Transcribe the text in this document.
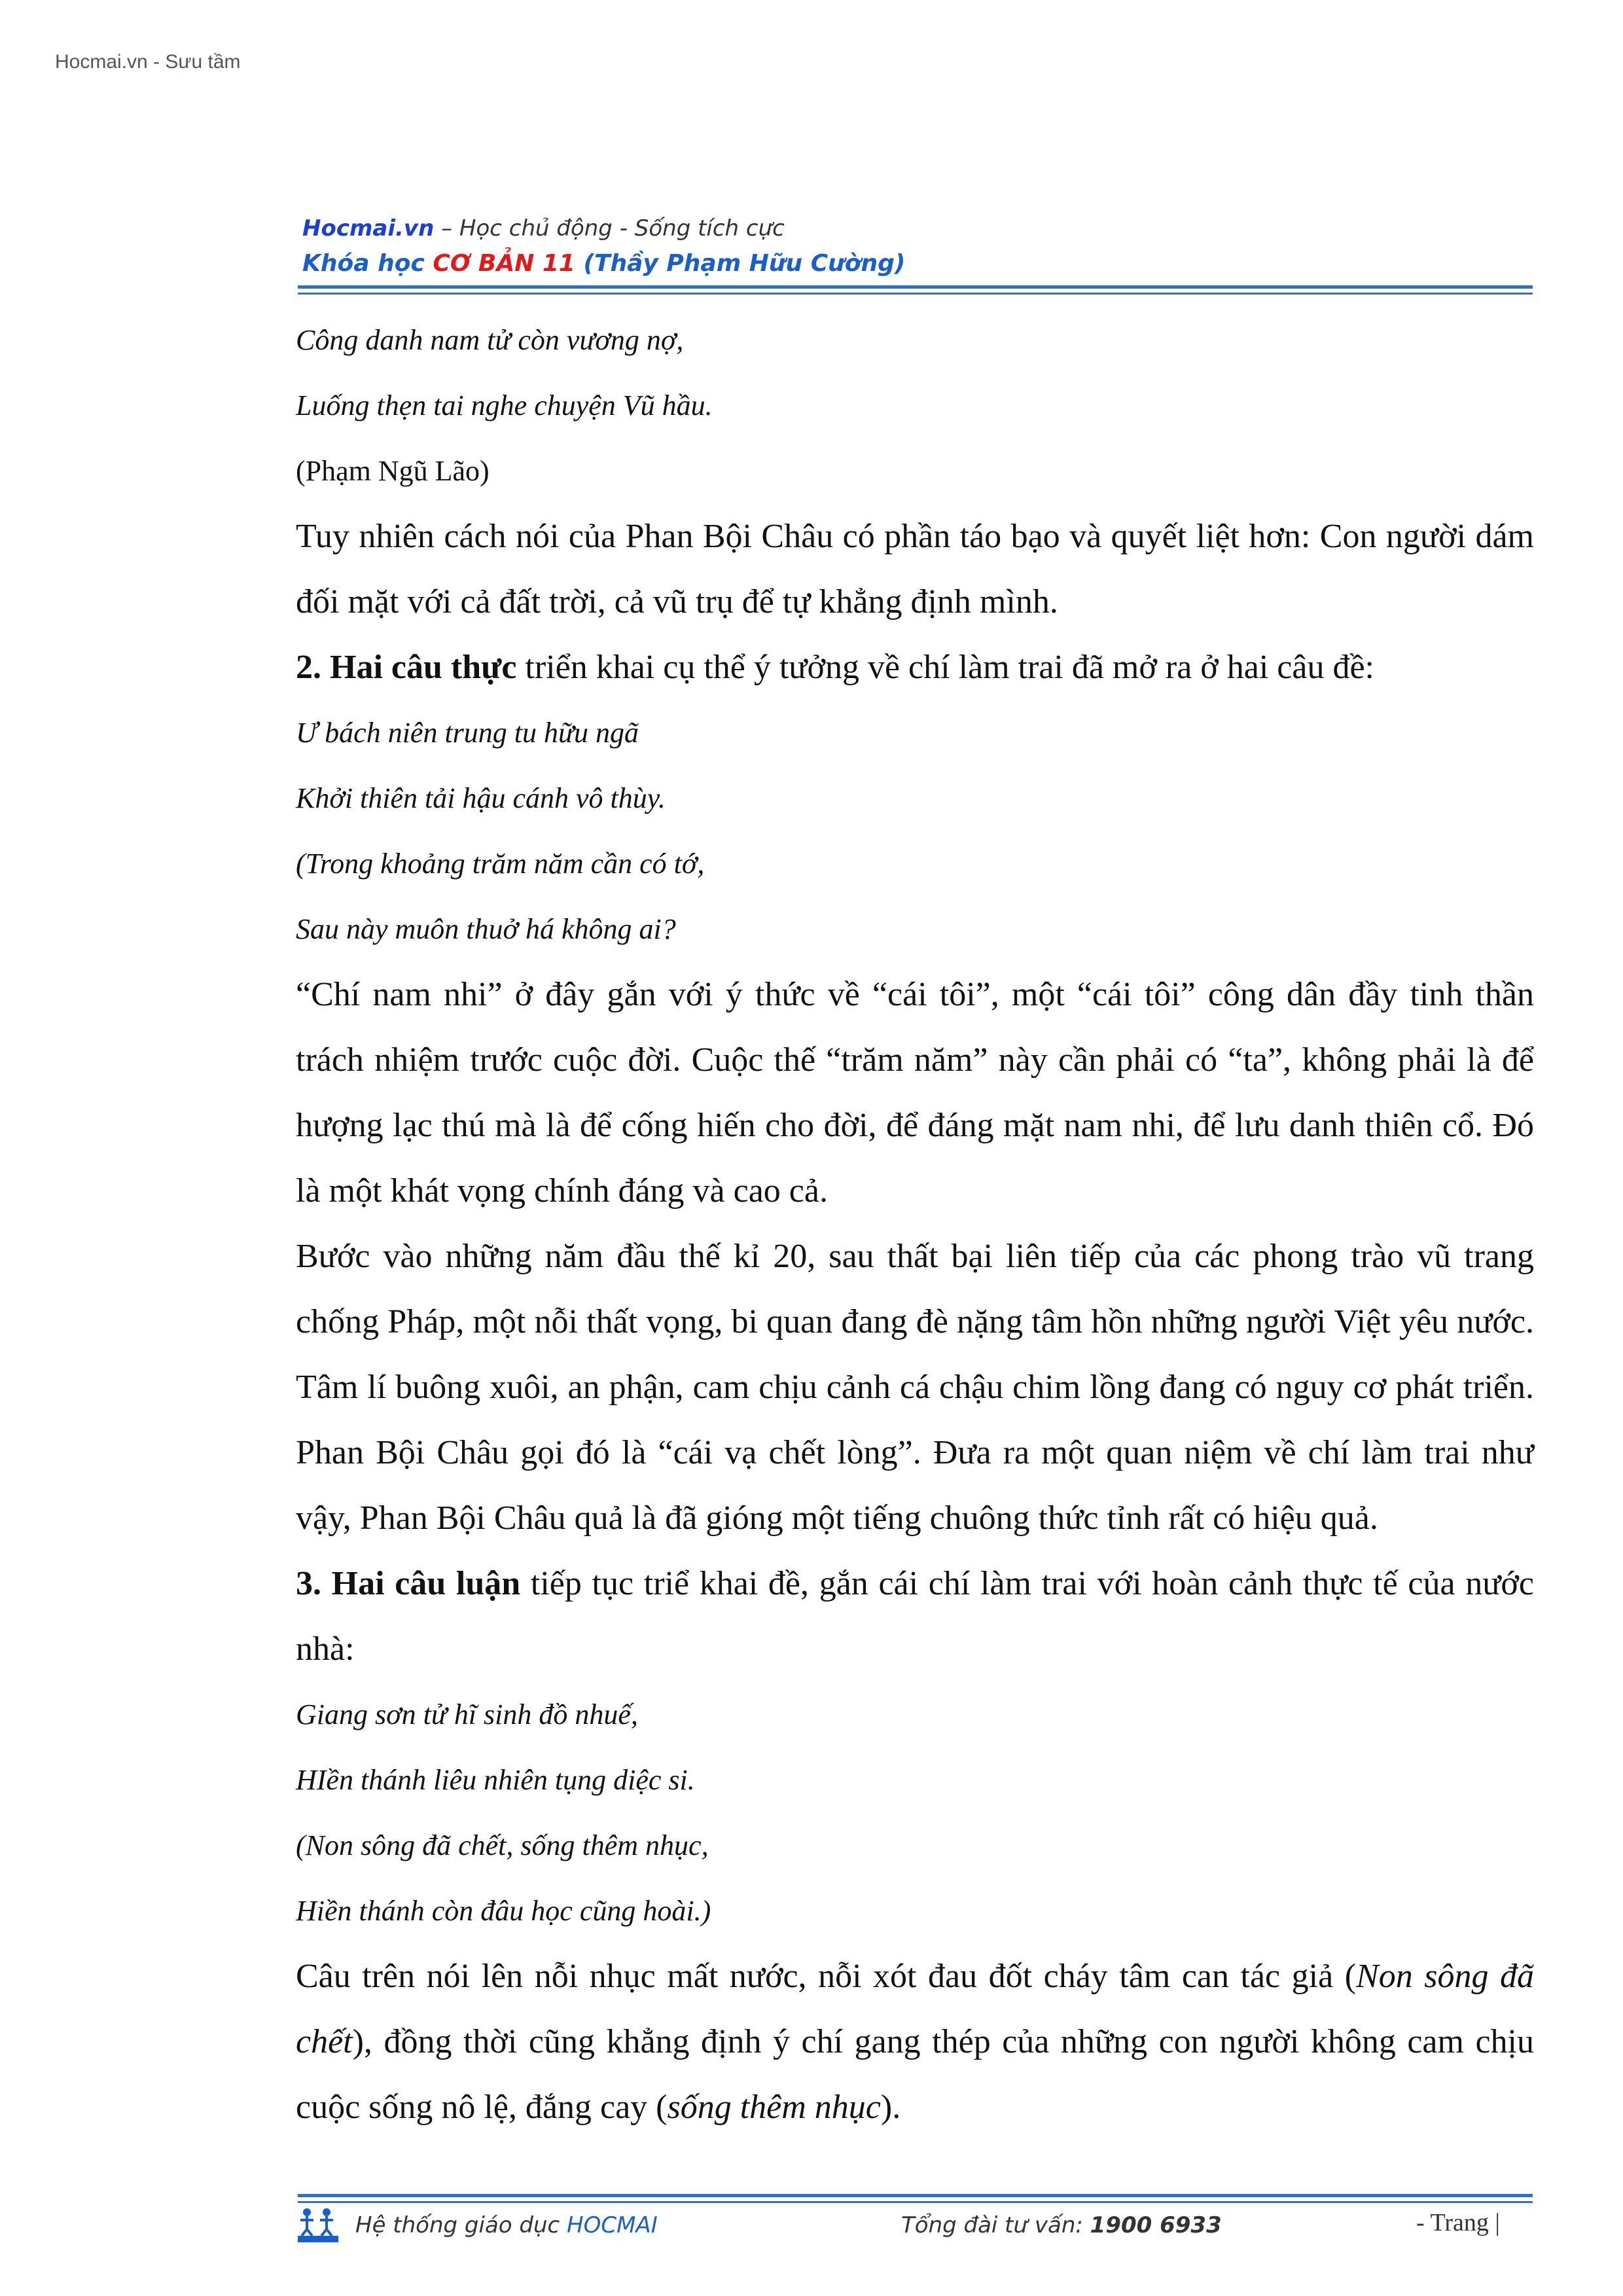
Hocmai.vn - Sưu tầm
Hocmai.vn – Học chủ động - Sống tích cực
Khóa học CƠ BẢN 11 (Thầy Phạm Hữu Cường)

Công danh nam tử còn vương nợ,

Luống thẹn tai nghe chuyện Vũ hầu.

(Phạm Ngũ Lão)

Tuy nhiên cách nói của Phan Bội Châu có phần táo bạo và quyết liệt hơn: Con người dám đối mặt với cả đất trời, cả vũ trụ để tự khẳng định mình.

2. Hai câu thực triển khai cụ thể ý tưởng về chí làm trai đã mở ra ở hai câu đề:

Ư bách niên trung tu hữu ngã

Khởi thiên tải hậu cánh vô thùy.

(Trong khoảng trăm năm cần có tớ,

Sau này muôn thuở há không ai?

“Chí nam nhi” ở đây gắn với ý thức về “cái tôi”, một “cái tôi” công dân đầy tinh thần trách nhiệm trước cuộc đời. Cuộc thế “trăm năm” này cần phải có “ta”, không phải là để hượng lạc thú mà là để cống hiến cho đời, để đáng mặt nam nhi, để lưu danh thiên cổ. Đó là một khát vọng chính đáng và cao cả.

Bước vào những năm đầu thế kỉ 20, sau thất bại liên tiếp của các phong trào vũ trang chống Pháp, một nỗi thất vọng, bi quan đang đè nặng tâm hồn những người Việt yêu nước. Tâm lí buông xuôi, an phận, cam chịu cảnh cá chậu chim lồng đang có nguy cơ phát triển. Phan Bội Châu gọi đó là “cái vạ chết lòng”. Đưa ra một quan niệm về chí làm trai như vậy, Phan Bội Châu quả là đã gióng một tiếng chuông thức tỉnh rất có hiệu quả.

3. Hai câu luận tiếp tục triể khai đề, gắn cái chí làm trai với hoàn cảnh thực tế của nước nhà:

Giang sơn tử hĩ sinh đồ nhuế,

HIền thánh liêu nhiên tụng diệc si.

(Non sông đã chết, sống thêm nhục,

Hiền thánh còn đâu học cũng hoài.)

Câu trên nói lên nỗi nhục mất nước, nỗi xót đau đốt cháy tâm can tác giả (Non sông đã chết), đồng thời cũng khẳng định ý chí gang thép của những con người không cam chịu cuộc sống nô lệ, đắng cay (sống thêm nhục).

Hệ thống giáo dục HOCMAI	Tổng đài tư vấn: 1900 6933	- Trang |
